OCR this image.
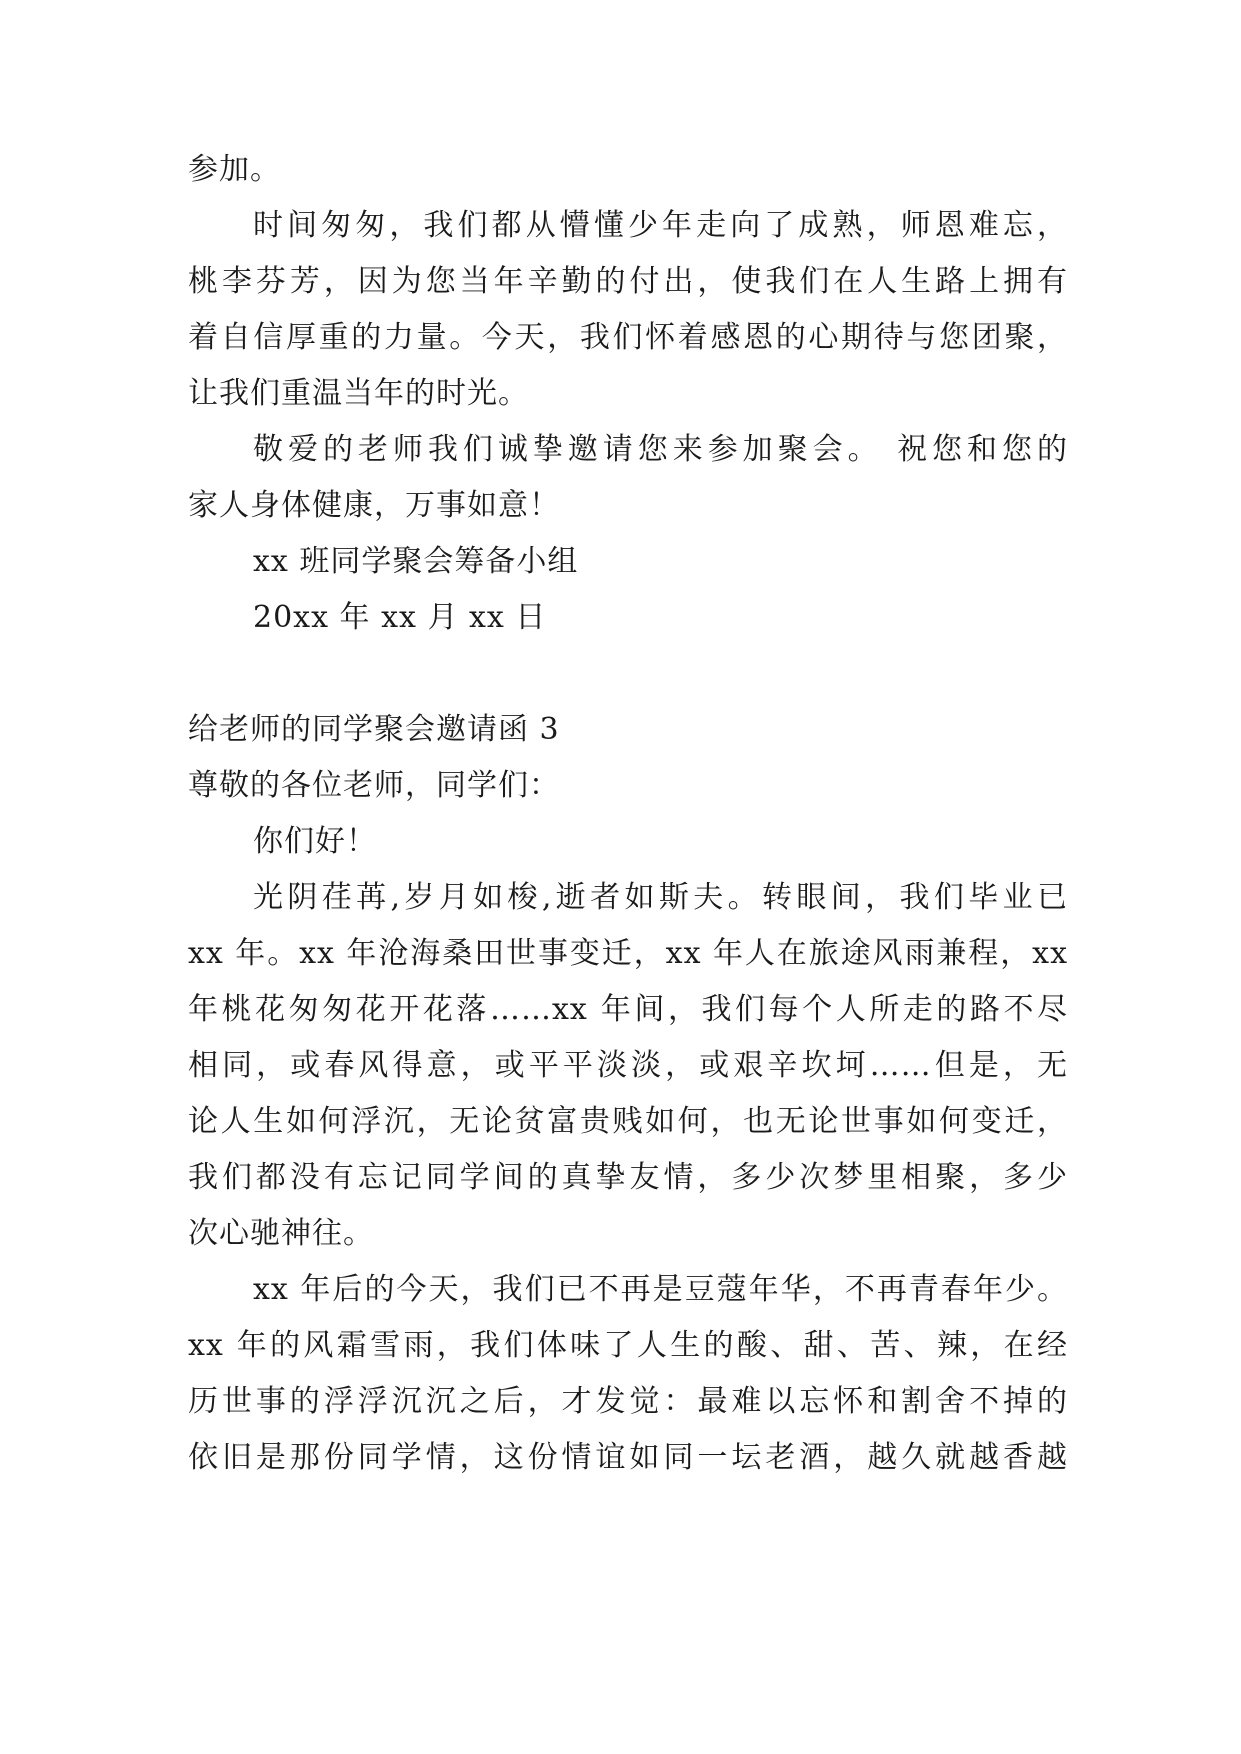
参加。
时间匆匆，我们都从懵懂少年走向了成熟，师恩难忘，
桃李芬芳，因为您当年辛勤的付出，使我们在人生路上拥有
着自信厚重的力量。今天，我们怀着感恩的心期待与您团聚，
让我们重温当年的时光。
敬爱的老师我们诚挚邀请您来参加聚会。 祝您和您的
家人身体健康，万事如意！
xx 班同学聚会筹备小组
20xx 年 xx 月 xx 日
给老师的同学聚会邀请函 3
尊敬的各位老师，同学们：
你们好！
光阴荏苒,岁月如梭,逝者如斯夫。转眼间，我们毕业已
xx 年。xx 年沧海桑田世事变迁，xx 年人在旅途风雨兼程，xx
年桃花匆匆花开花落……xx 年间，我们每个人所走的路不尽
相同，或春风得意，或平平淡淡，或艰辛坎坷……但是，无
论人生如何浮沉，无论贫富贵贱如何，也无论世事如何变迁，
我们都没有忘记同学间的真挚友情，多少次梦里相聚，多少
次心驰神往。
xx 年后的今天，我们已不再是豆蔻年华，不再青春年少。
xx 年的风霜雪雨，我们体味了人生的酸、甜、苦、辣，在经
历世事的浮浮沉沉之后，才发觉：最难以忘怀和割舍不掉的
依旧是那份同学情，这份情谊如同一坛老酒，越久就越香越
